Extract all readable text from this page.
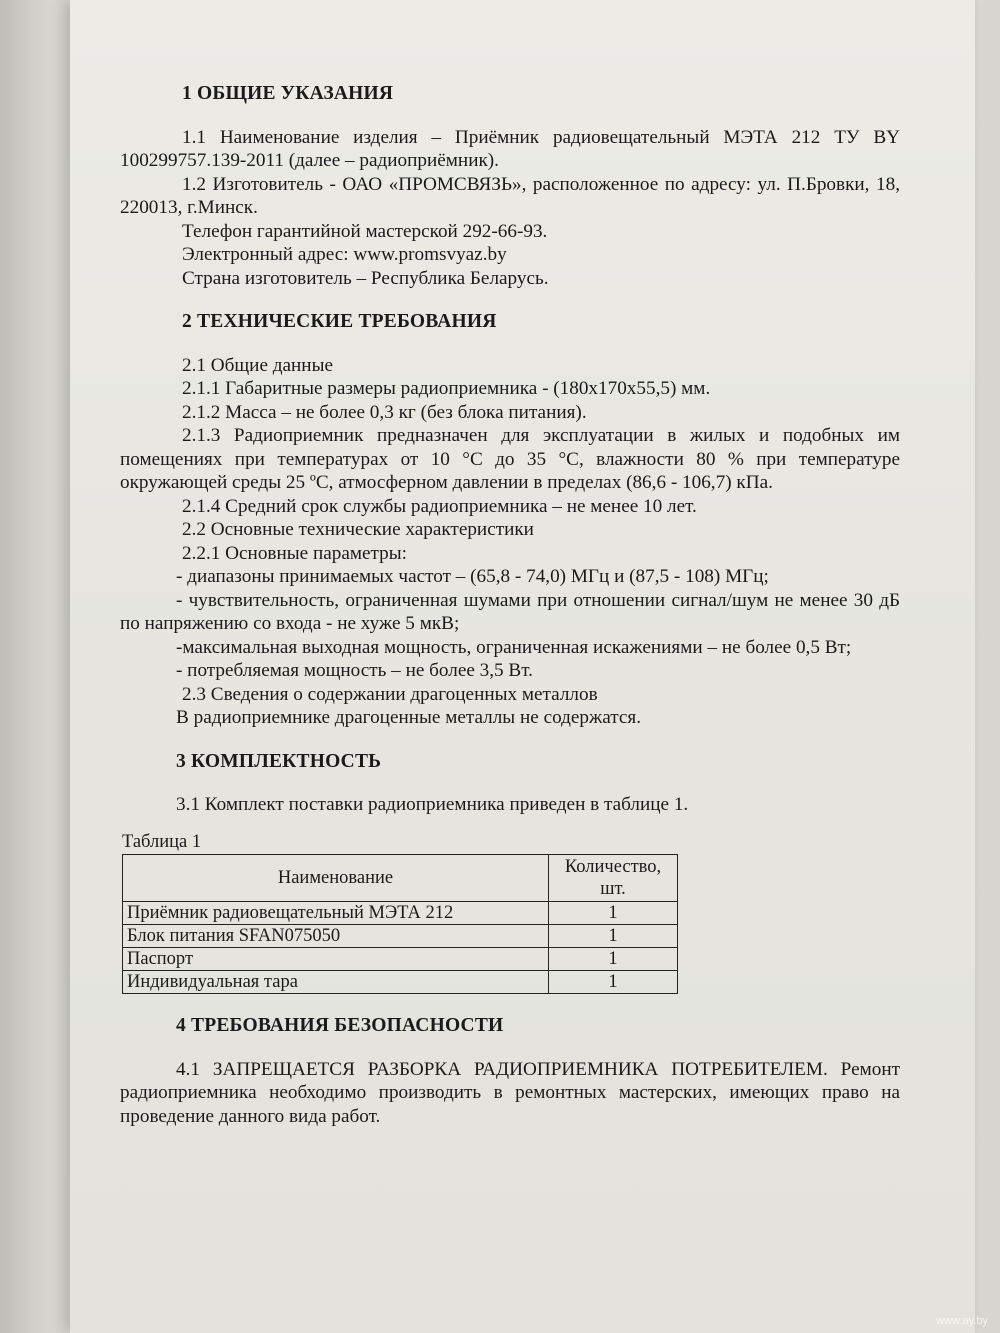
1 ОБЩИЕ УКАЗАНИЯ

1.1 Наименование изделия – Приёмник радиовещательный МЭТА 212 ТУ BY 100299757.139-2011 (далее – радиоприёмник).

1.2 Изготовитель - ОАО «ПРОМСВЯЗЬ», расположенное по адресу: ул. П.Бровки, 18, 220013, г.Минск.

Телефон гарантийной мастерской 292-66-93.

Электронный адрес: www.promsvyaz.by

Страна изготовитель – Республика Беларусь.

2 ТЕХНИЧЕСКИЕ ТРЕБОВАНИЯ

2.1 Общие данные

2.1.1 Габаритные размеры радиоприемника - (180x170x55,5) мм.

2.1.2 Масса – не более 0,3 кг (без блока питания).

2.1.3 Радиоприемник предназначен для эксплуатации в жилых и подобных им помещениях при температурах от 10 °С до 35 °С, влажности 80 % при температуре окружающей среды 25 ºС, атмосферном давлении в пределах (86,6 - 106,7) кПа.

2.1.4 Средний срок службы радиоприемника – не менее 10 лет.

2.2 Основные технические характеристики

2.2.1 Основные параметры:

- диапазоны принимаемых частот – (65,8 - 74,0) МГц и (87,5 - 108) МГц;

- чувствительность, ограниченная шумами при отношении сигнал/шум не менее 30 дБ по напряжению со входа - не хуже 5 мкВ;

-максимальная выходная мощность, ограниченная искажениями – не более 0,5 Вт;

- потребляемая мощность – не более 3,5 Вт.

2.3 Сведения о содержании драгоценных металлов

В радиоприемнике драгоценные металлы не содержатся.

3 КОМПЛЕКТНОСТЬ

3.1 Комплект поставки радиоприемника приведен в таблице 1.

Таблица 1
Наименование	Количество, шт.
Приёмник радиовещательный МЭТА 212	1
Блок питания SFAN075050	1
Паспорт	1
Индивидуальная тара	1
4 ТРЕБОВАНИЯ БЕЗОПАСНОСТИ

4.1 ЗАПРЕЩАЕТСЯ РАЗБОРКА РАДИОПРИЕМНИКА ПОТРЕБИТЕЛЕМ. Ремонт радиоприемника необходимо производить в ремонтных мастерских, имеющих право на проведение данного вида работ.

www.ay.by
